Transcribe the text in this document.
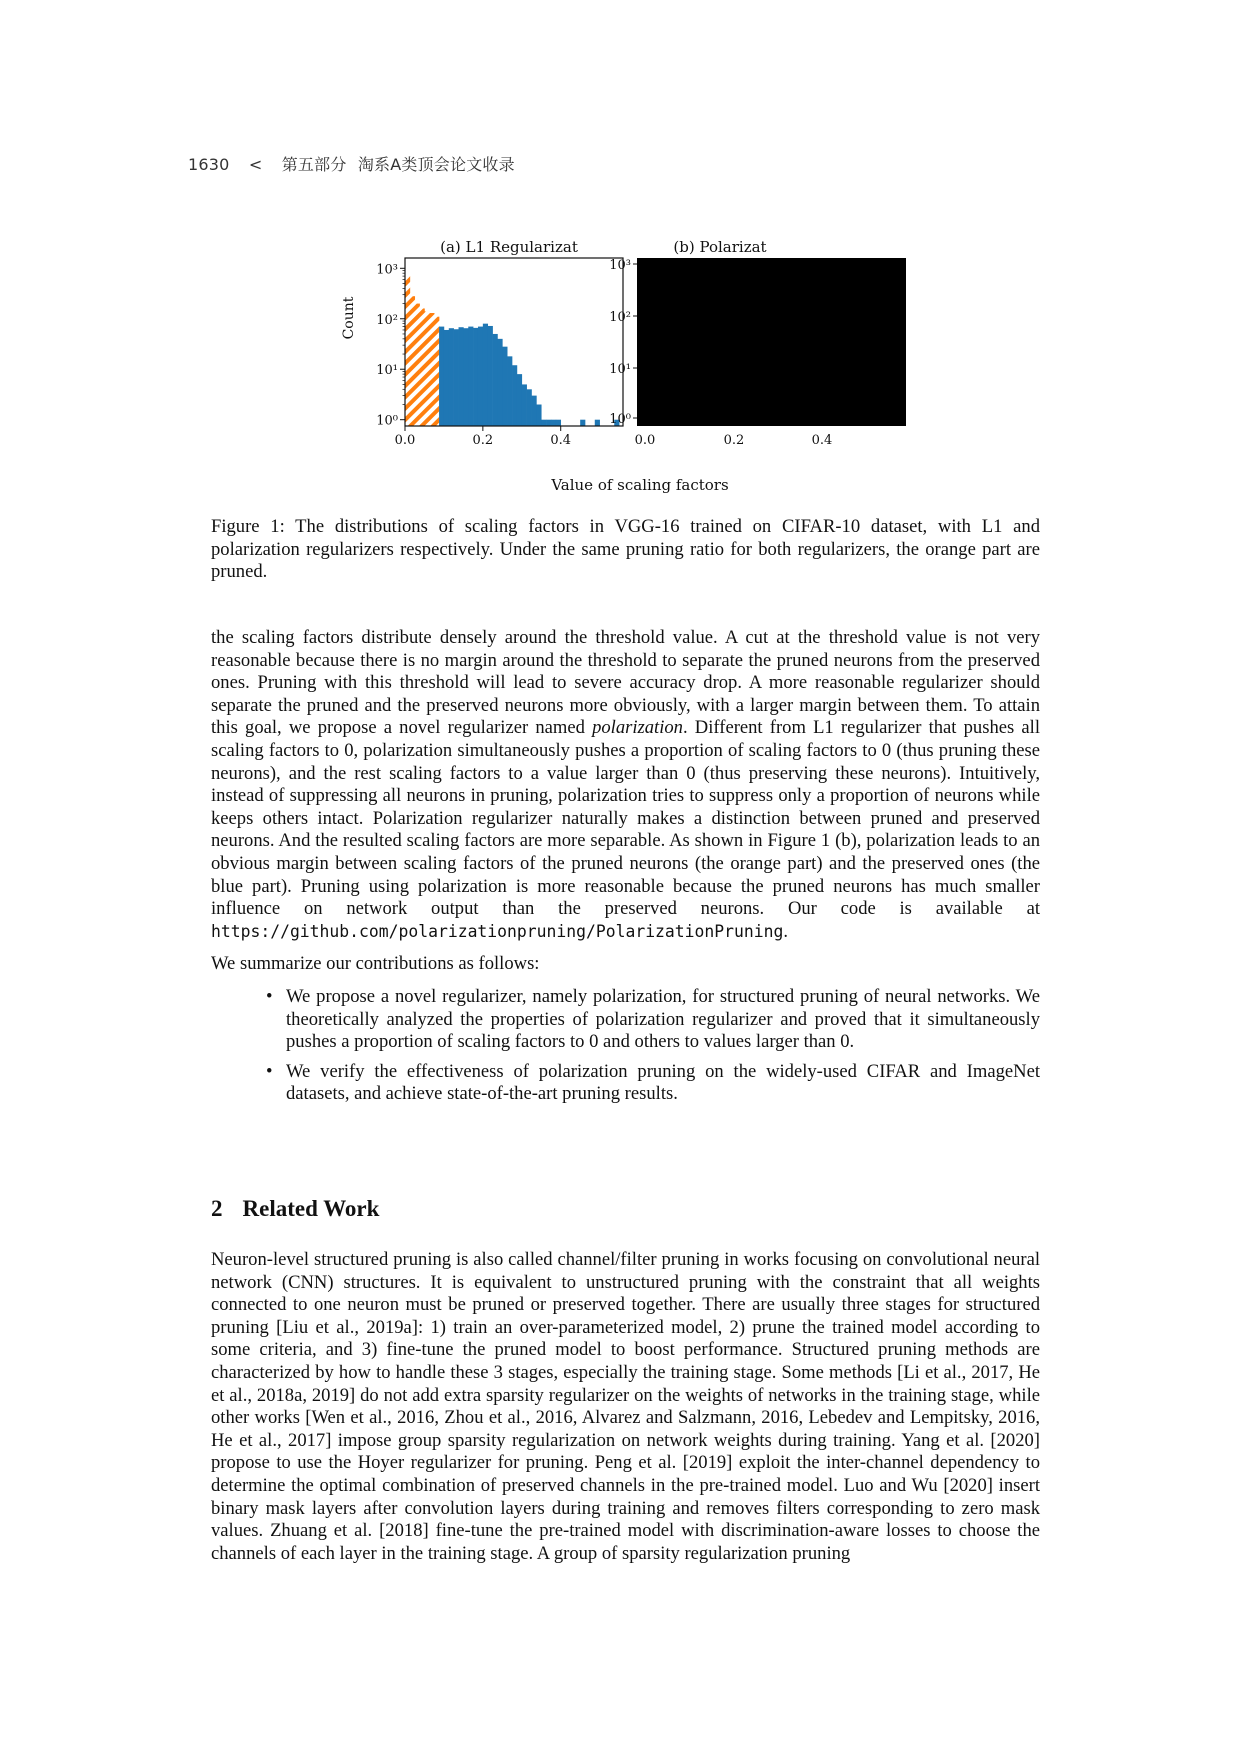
1630 < 第五部分 淘系A类顶会论文收录
(a) L1 Regularizat
10⁰
10¹
10²
10³
0.0	0.2	0.4
(b) Polarizat
10⁰
10¹
10²
10³
0.0	0.2	0.4
Count
Value of scaling factors
Figure 1: The distributions of scaling factors in VGG-16 trained on CIFAR-10 dataset, with L1 and polarization regularizers respectively. Under the same pruning ratio for both regularizers, the orange part are pruned.

the scaling factors distribute densely around the threshold value. A cut at the threshold value is not very reasonable because there is no margin around the threshold to separate the pruned neurons from the preserved ones. Pruning with this threshold will lead to severe accuracy drop. A more reasonable regularizer should separate the pruned and the preserved neurons more obviously, with a larger margin between them. To attain this goal, we propose a novel regularizer named polarization. Different from L1 regularizer that pushes all scaling factors to 0, polarization simultaneously pushes a proportion of scaling factors to 0 (thus pruning these neurons), and the rest scaling factors to a value larger than 0 (thus preserving these neurons). Intuitively, instead of suppressing all neurons in pruning, polarization tries to suppress only a proportion of neurons while keeps others intact. Polarization regularizer naturally makes a distinction between pruned and preserved neurons. And the resulted scaling factors are more separable. As shown in Figure 1 (b), polarization leads to an obvious margin between scaling factors of the pruned neurons (the orange part) and the preserved ones (the blue part). Pruning using polarization is more reasonable because the pruned neurons has much smaller influence on network output than the preserved neurons. Our code is available at https://github.com/polarizationpruning/PolarizationPruning.

We summarize our contributions as follows:

• We propose a novel regularizer, namely polarization, for structured pruning of neural networks. We theoretically analyzed the properties of polarization regularizer and proved that it simultaneously pushes a proportion of scaling factors to 0 and others to values larger than 0.
• We verify the effectiveness of polarization pruning on the widely-used CIFAR and ImageNet datasets, and achieve state-of-the-art pruning results.
2 Related Work

Neuron-level structured pruning is also called channel/filter pruning in works focusing on convolutional neural network (CNN) structures. It is equivalent to unstructured pruning with the constraint that all weights connected to one neuron must be pruned or preserved together. There are usually three stages for structured pruning [Liu et al., 2019a]: 1) train an over-parameterized model, 2) prune the trained model according to some criteria, and 3) fine-tune the pruned model to boost performance. Structured pruning methods are characterized by how to handle these 3 stages, especially the training stage. Some methods [Li et al., 2017, He et al., 2018a, 2019] do not add extra sparsity regularizer on the weights of networks in the training stage, while other works [Wen et al., 2016, Zhou et al., 2016, Alvarez and Salzmann, 2016, Lebedev and Lempitsky, 2016, He et al., 2017] impose group sparsity regularization on network weights during training. Yang et al. [2020] propose to use the Hoyer regularizer for pruning. Peng et al. [2019] exploit the inter-channel dependency to determine the optimal combination of preserved channels in the pre-trained model. Luo and Wu [2020] insert binary mask layers after convolution layers during training and removes filters corresponding to zero mask values. Zhuang et al. [2018] fine-tune the pre-trained model with discrimination-aware losses to choose the channels of each layer in the training stage. A group of sparsity regularization pruning
